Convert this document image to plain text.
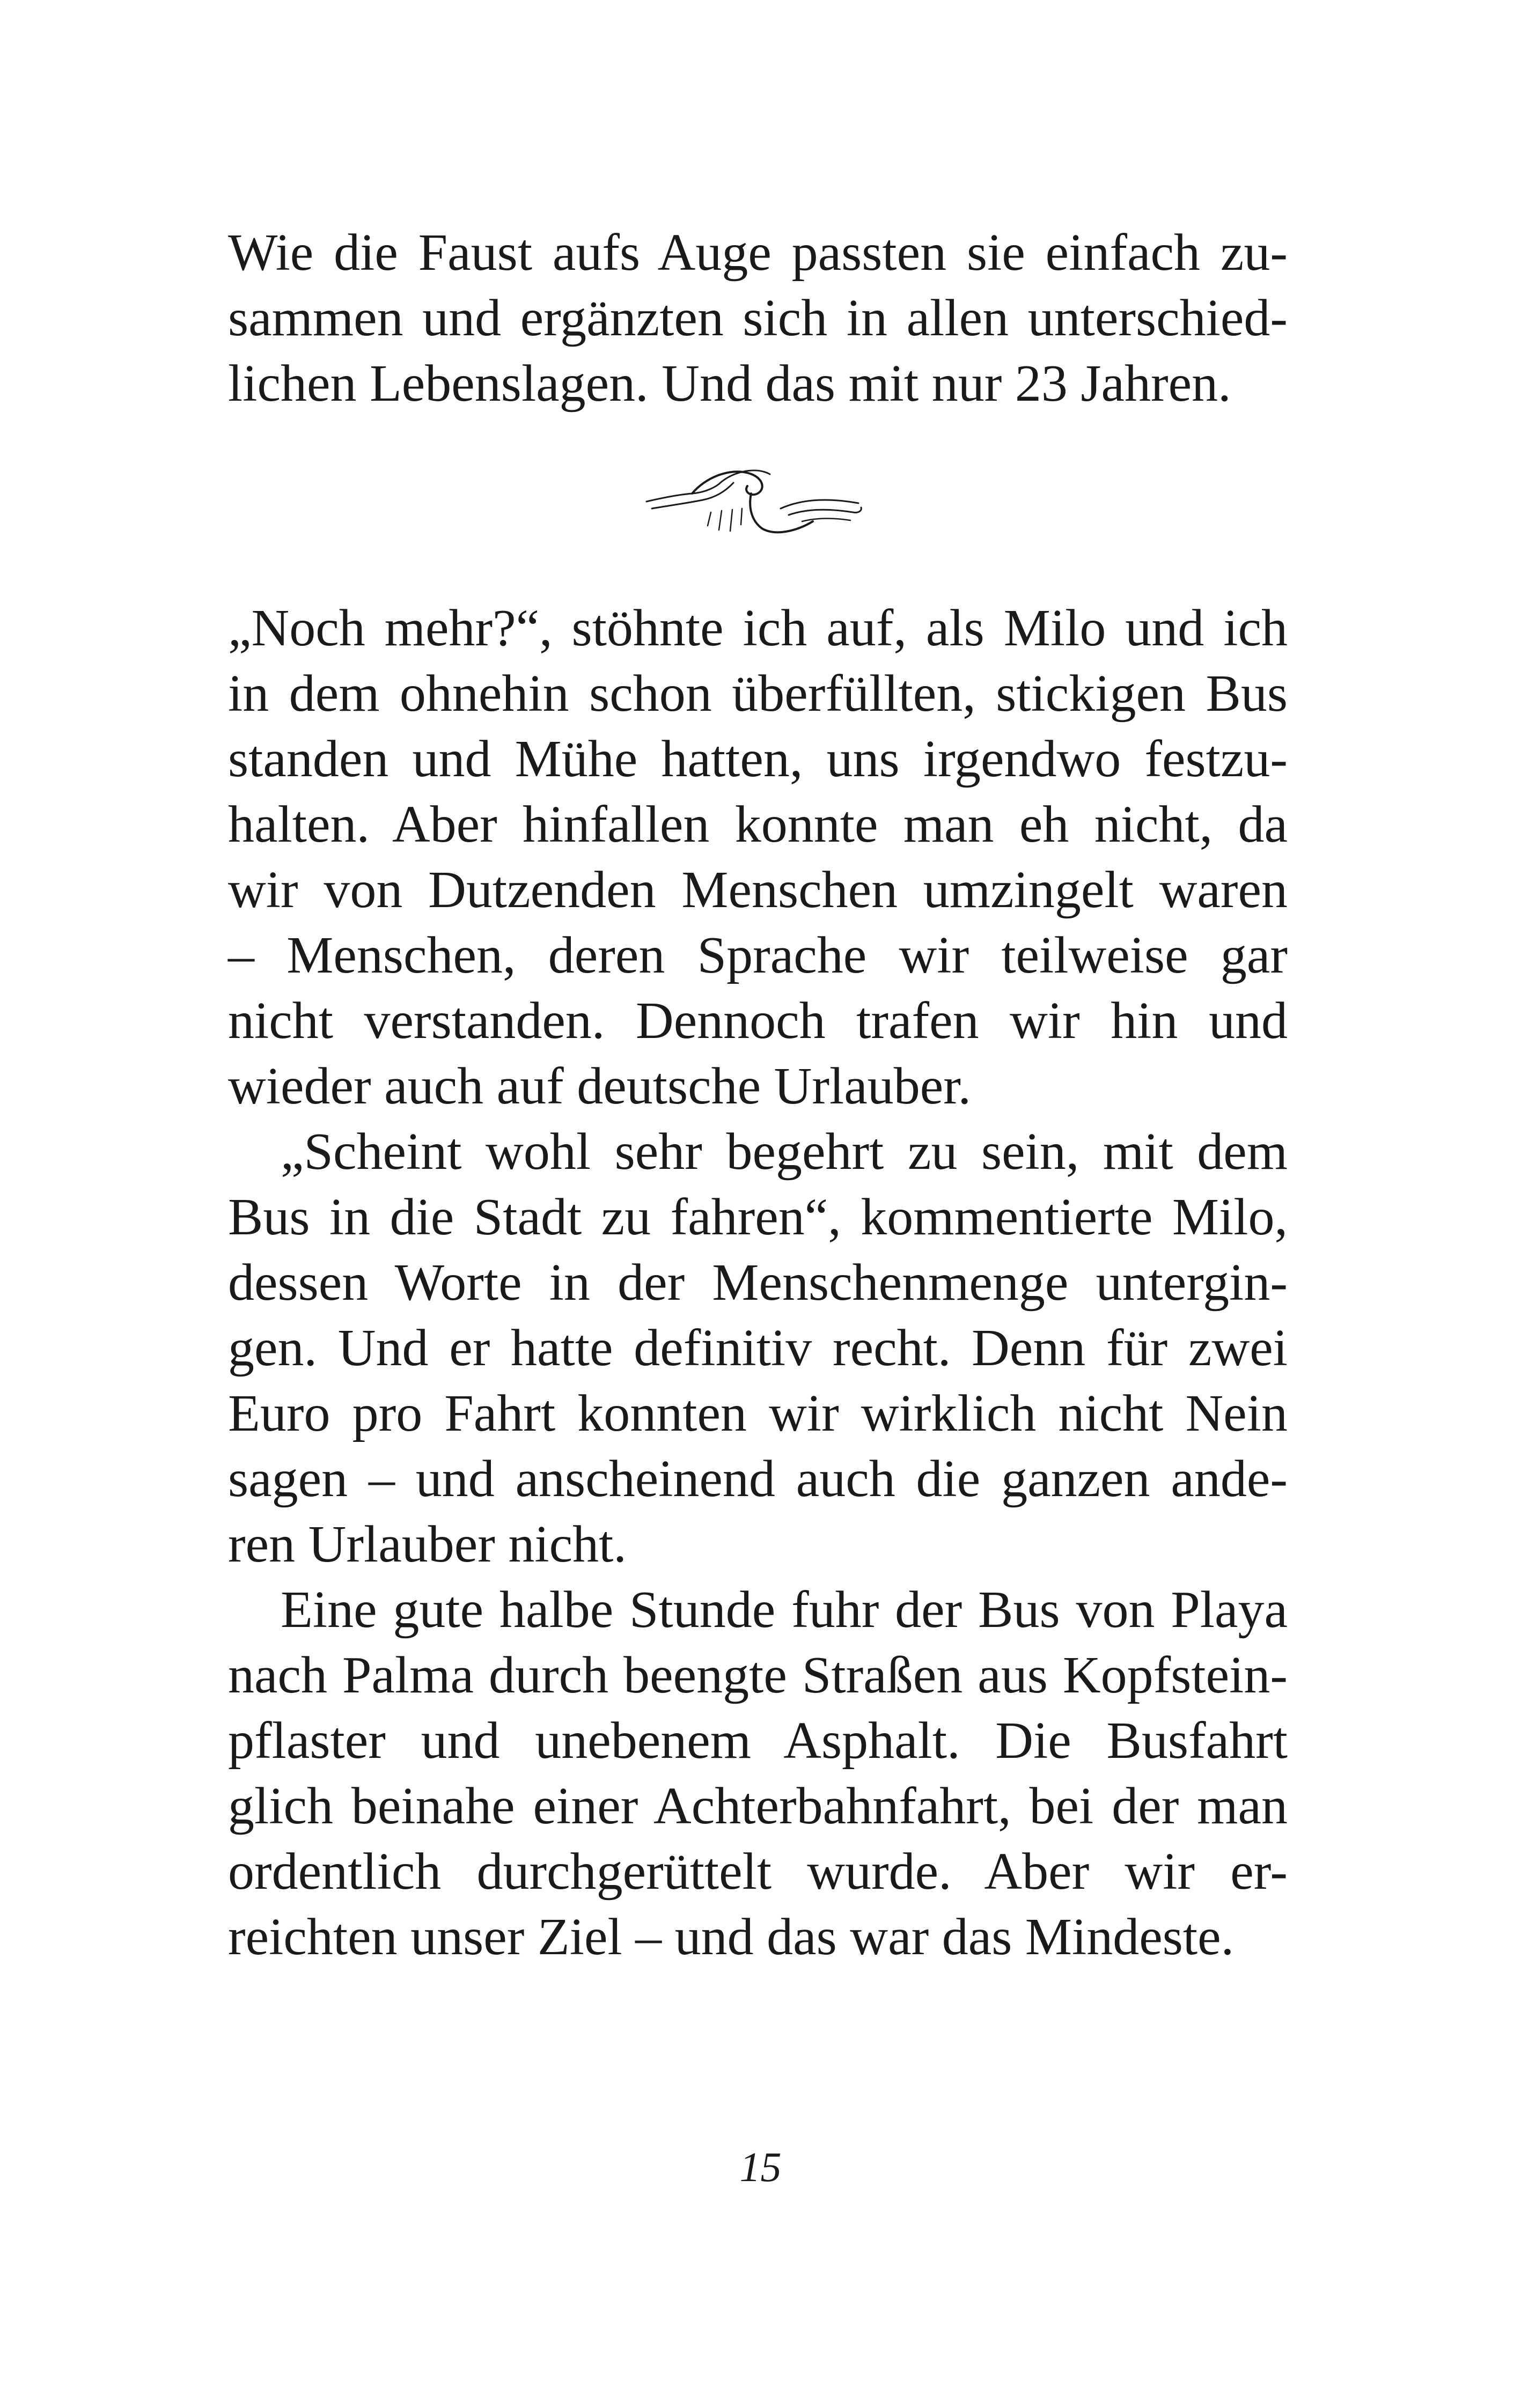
Wie die Faust aufs Auge passten sie einfach zu-
sammen und ergänzten sich in allen unterschied-
lichen Lebenslagen. Und das mit nur 23 Jahren.
„Noch mehr?“, stöhnte ich auf, als Milo und ich
in dem ohnehin schon überfüllten, stickigen Bus
standen und Mühe hatten, uns irgendwo festzu-
halten. Aber hinfallen konnte man eh nicht, da
wir von Dutzenden Menschen umzingelt waren
– Menschen, deren Sprache wir teilweise gar
nicht verstanden. Dennoch trafen wir hin und
wieder auch auf deutsche Urlauber.
„Scheint wohl sehr begehrt zu sein, mit dem
Bus in die Stadt zu fahren“, kommentierte Milo,
dessen Worte in der Menschenmenge untergin-
gen. Und er hatte definitiv recht. Denn für zwei
Euro pro Fahrt konnten wir wirklich nicht Nein
sagen – und anscheinend auch die ganzen ande-
ren Urlauber nicht.
Eine gute halbe Stunde fuhr der Bus von Playa
nach Palma durch beengte Straßen aus Kopfstein-
pflaster und unebenem Asphalt. Die Busfahrt
glich beinahe einer Achterbahnfahrt, bei der man
ordentlich durchgerüttelt wurde. Aber wir er-
reichten unser Ziel – und das war das Mindeste.
15
